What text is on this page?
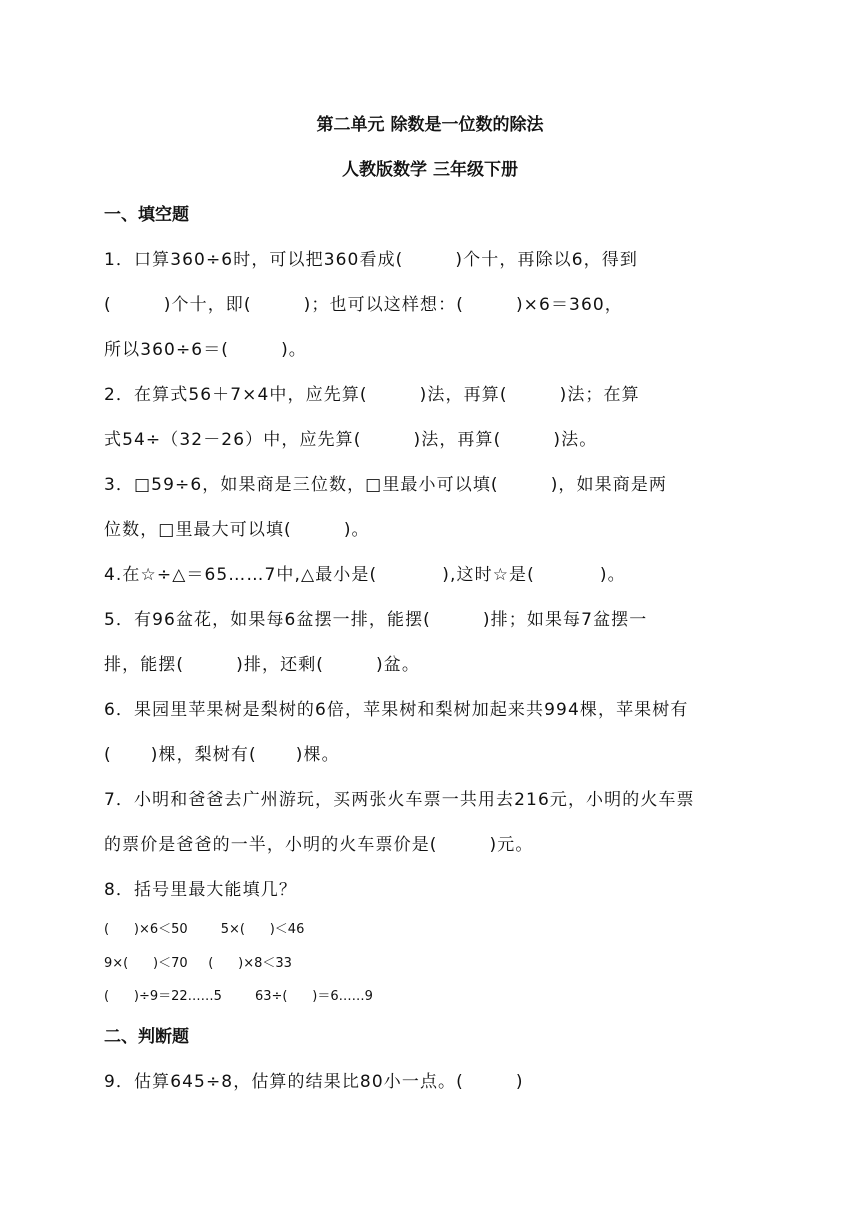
第二单元 除数是一位数的除法
人教版数学 三年级下册
一、填空题
1．口算360÷6时，可以把360看成(        )个十，再除以6，得到
(        )个十，即(        )；也可以这样想：(        )×6＝360，
所以360÷6＝(        )。
2．在算式56＋7×4中，应先算(        )法，再算(        )法；在算
式54÷（32－26）中，应先算(        )法，再算(        )法。
3．□59÷6，如果商是三位数，□里最小可以填(        )，如果商是两
位数，□里最大可以填(        )。
4.在☆÷△＝65……7中,△最小是(          ),这时☆是(          )。
5．有96盆花，如果每6盆摆一排，能摆(        )排；如果每7盆摆一
排，能摆(        )排，还剩(        )盆。
6．果园里苹果树是梨树的6倍，苹果树和梨树加起来共994棵，苹果树有
(      )棵，梨树有(      )棵。
7．小明和爸爸去广州游玩，买两张火车票一共用去216元，小明的火车票
的票价是爸爸的一半，小明的火车票价是(        )元。
8．括号里最大能填几？
(      )×6＜50        5×(      )＜46
9×(      )＜70     (      )×8＜33
(      )÷9＝22……5        63÷(      )＝6……9
二、判断题
9．估算645÷8，估算的结果比80小一点。(        )
